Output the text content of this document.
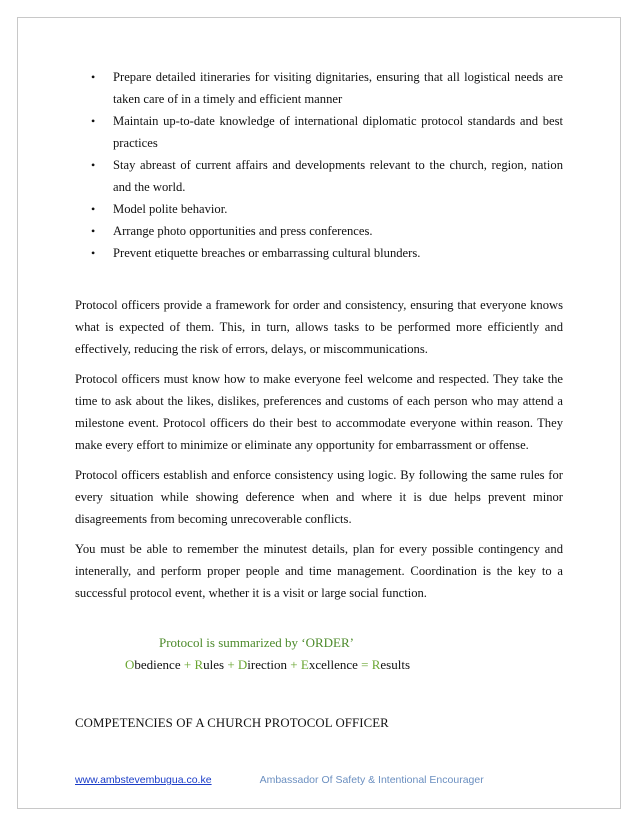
• Prepare detailed itineraries for visiting dignitaries, ensuring that all logistical needs are taken care of in a timely and efficient manner
• Maintain up-to-date knowledge of international diplomatic protocol standards and best practices
• Stay abreast of current affairs and developments relevant to the church, region, nation and the world.
• Model polite behavior.
• Arrange photo opportunities and press conferences.
• Prevent etiquette breaches or embarrassing cultural blunders.

Protocol officers provide a framework for order and consistency, ensuring that everyone knows what is expected of them. This, in turn, allows tasks to be performed more efficiently and effectively, reducing the risk of errors, delays, or miscommunications.

Protocol officers must know how to make everyone feel welcome and respected. They take the time to ask about the likes, dislikes, preferences and customs of each person who may attend a milestone event. Protocol officers do their best to accommodate everyone within reason. They make every effort to minimize or eliminate any opportunity for embarrassment or offense.

Protocol officers establish and enforce consistency using logic. By following the same rules for every situation while showing deference when and where it is due helps prevent minor disagreements from becoming unrecoverable conflicts.

You must be able to remember the minutest details, plan for every possible contingency and intenerally, and perform proper people and time management. Coordination is the key to a successful protocol event, whether it is a visit or large social function.

Protocol is summarized by ‘ORDER’
Obedience + Rules + Direction + Excellence = Results
COMPETENCIES OF A CHURCH PROTOCOL OFFICER
www.ambstevembugua.co.ke	Ambassador Of Safety & Intentional Encourager
